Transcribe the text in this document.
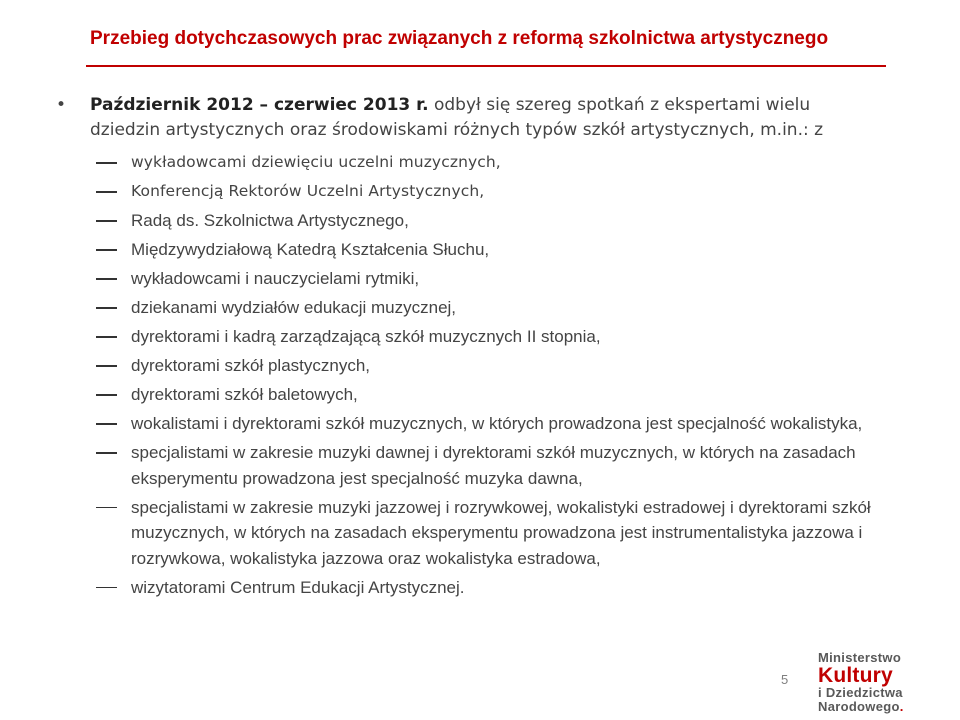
Przebieg dotychczasowych prac związanych z reformą szkolnictwa artystycznego
• Październik 2012 – czerwiec 2013 r. odbył się szereg spotkań z ekspertami wielu dziedzin artystycznych oraz środowiskami różnych typów szkół artystycznych, m.in.: z
wykładowcami dziewięciu uczelni muzycznych,
Konferencją Rektorów Uczelni Artystycznych,
Radą ds. Szkolnictwa Artystycznego,
Międzywydziałową Katedrą Kształcenia Słuchu,
wykładowcami i nauczycielami rytmiki,
dziekanami wydziałów edukacji muzycznej,
dyrektorami i kadrą zarządzającą szkół muzycznych II stopnia,
dyrektorami szkół plastycznych,
dyrektorami szkół baletowych,
wokalistami i dyrektorami szkół muzycznych, w których prowadzona jest specjalność wokalistyka,
specjalistami w zakresie muzyki dawnej i dyrektorami szkół muzycznych, w których na zasadach eksperymentu prowadzona jest specjalność muzyka dawna,
specjalistami w zakresie muzyki jazzowej i rozrywkowej, wokalistyki estradowej i dyrektorami szkół muzycznych, w których na zasadach eksperymentu prowadzona jest instrumentalistyka jazzowa i rozrywkowa, wokalistyka jazzowa oraz wokalistyka estradowa,
wizytatorami Centrum Edukacji Artystycznej.
5
Ministerstwo
Kultury
i Dziedzictwa
Narodowego.
